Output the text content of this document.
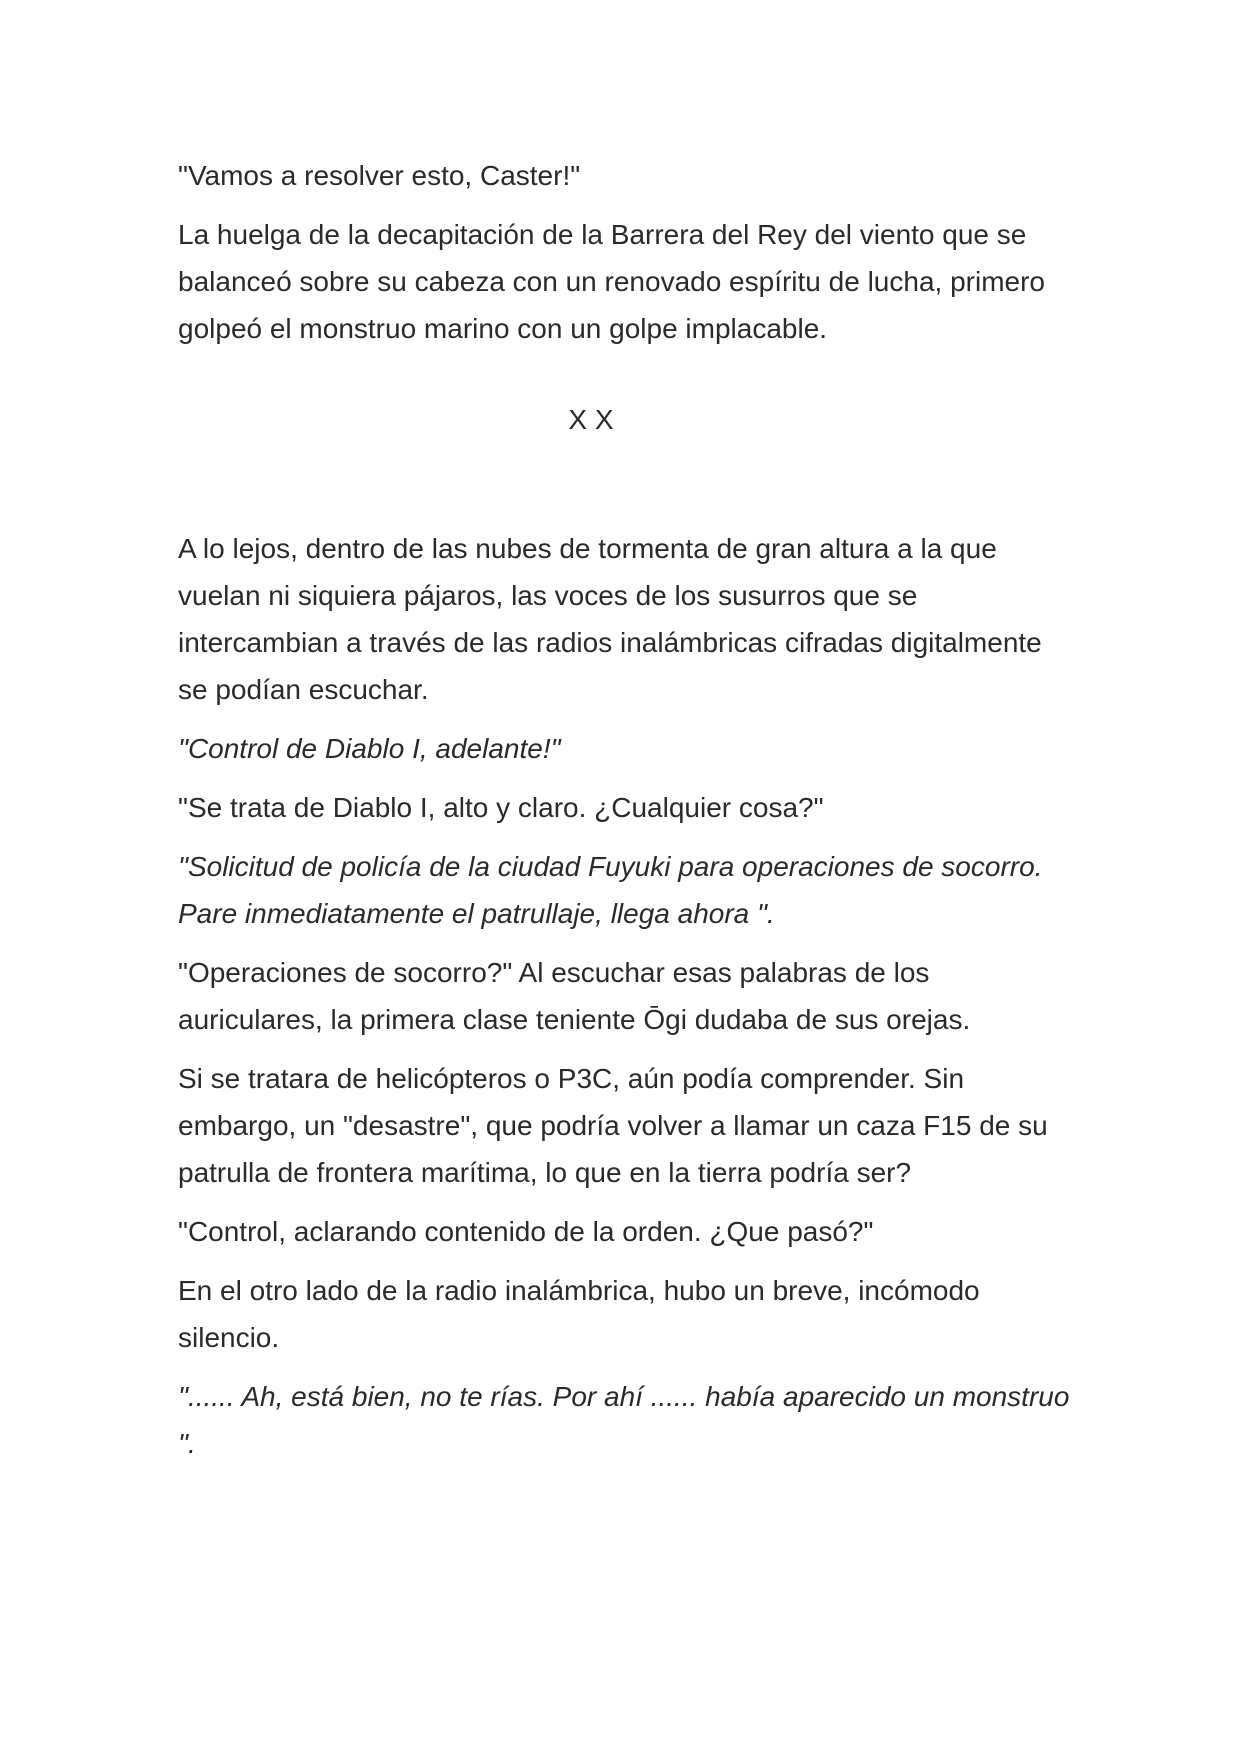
"Vamos a resolver esto, Caster!"

La huelga de la decapitación de la Barrera del Rey del viento que se balanceó sobre su cabeza con un renovado espíritu de lucha, primero golpeó el monstruo marino con un golpe implacable.

X X

A lo lejos, dentro de las nubes de tormenta de gran altura a la que vuelan ni siquiera pájaros, las voces de los susurros que se intercambian a través de las radios inalámbricas cifradas digitalmente se podían escuchar.

"Control de Diablo I, adelante!"

"Se trata de Diablo I, alto y claro. ¿Cualquier cosa?"

"Solicitud de policía de la ciudad Fuyuki para operaciones de socorro. Pare inmediatamente el patrullaje, llega ahora ".

"Operaciones de socorro?" Al escuchar esas palabras de los auriculares, la primera clase teniente Ōgi dudaba de sus orejas.

Si se tratara de helicópteros o P3C, aún podía comprender. Sin embargo, un "desastre", que podría volver a llamar un caza F15 de su patrulla de frontera marítima, lo que en la tierra podría ser?

"Control, aclarando contenido de la orden. ¿Que pasó?"

En el otro lado de la radio inalámbrica, hubo un breve, incómodo silencio.

"...... Ah, está bien, no te rías. Por ahí ...... había aparecido un monstruo ".
